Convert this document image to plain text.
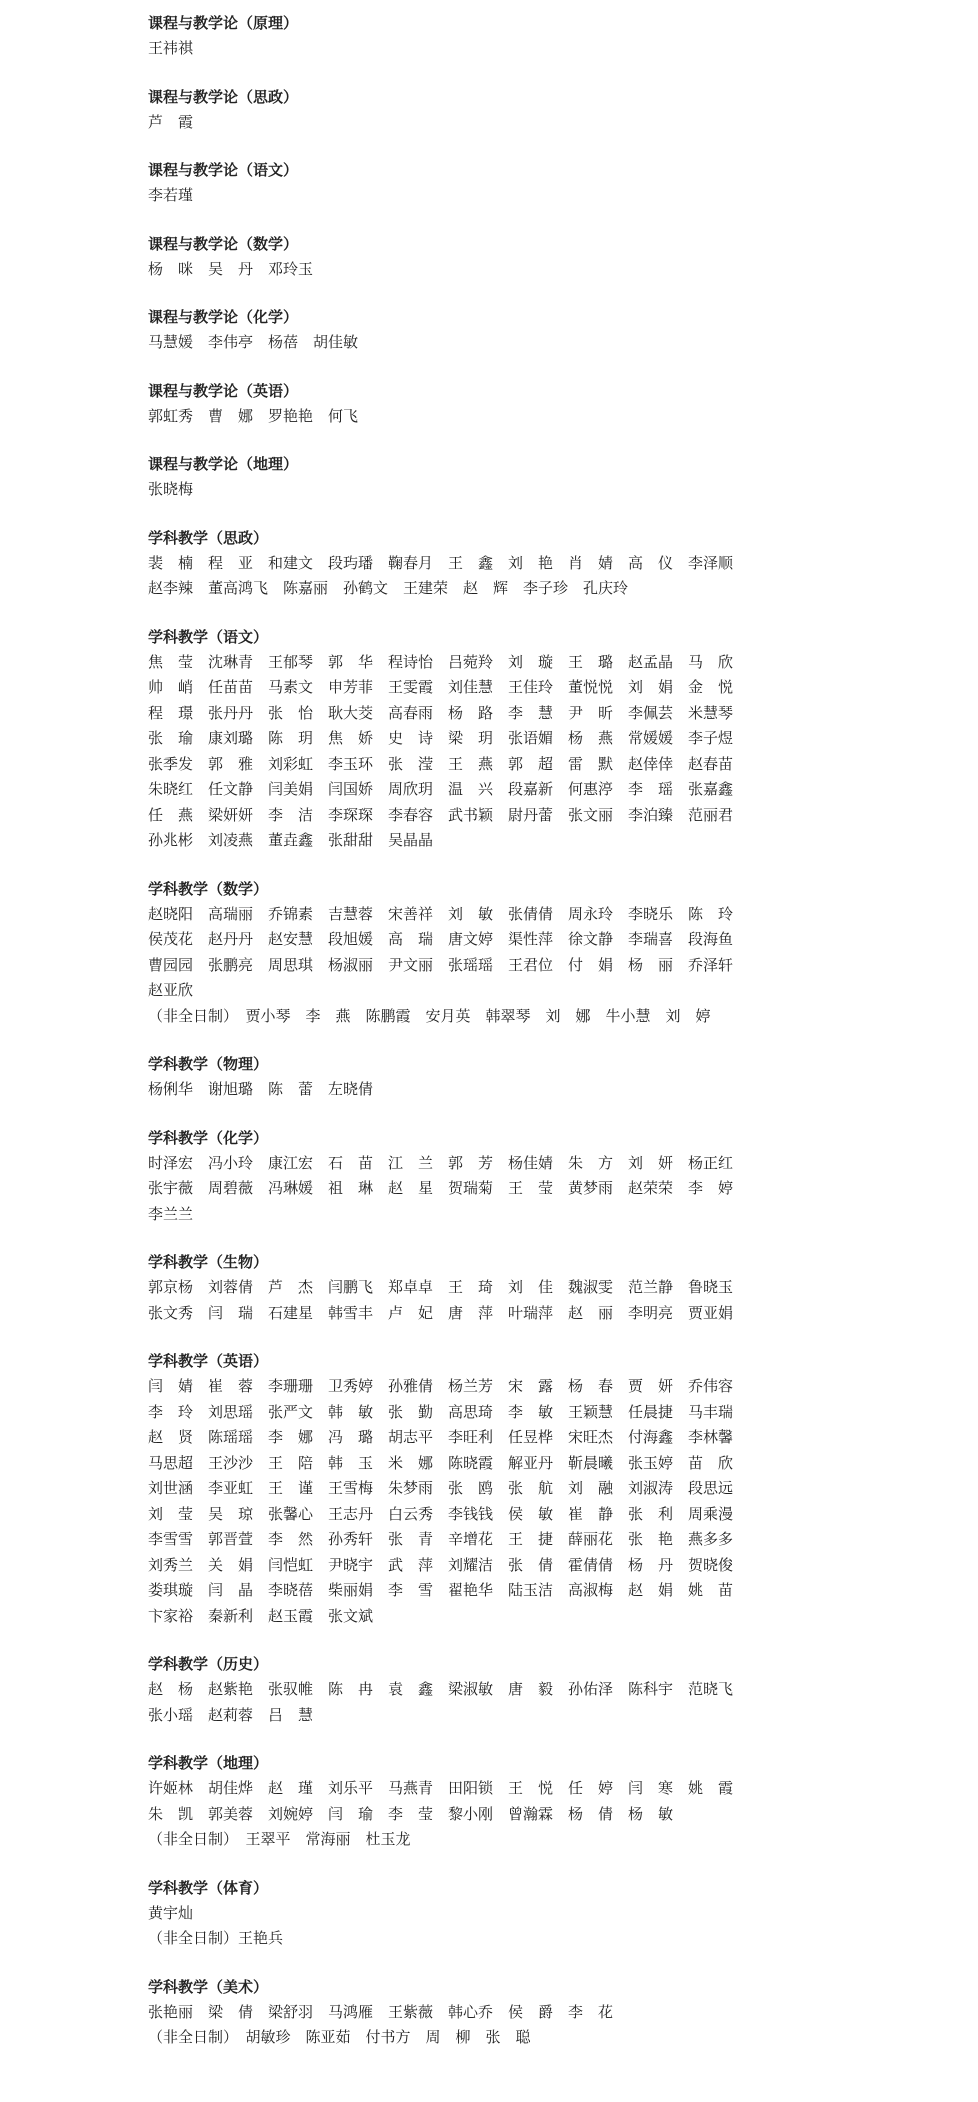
课程与教学论（原理）
王祎祺
课程与教学论（思政）
芦　霞
课程与教学论（语文）
李若瑾
课程与教学论（数学）
杨　咪　吴　丹　邓玲玉
课程与教学论（化学）
马慧媛　李伟亭　杨蓓　胡佳敏
课程与教学论（英语）
郭虹秀　曹　娜　罗艳艳　何飞
课程与教学论（地理）
张晓梅
学科教学（思政）
裴　楠　程　亚　和建文　段玙璠　鞠春月　王　鑫　刘　艳　肖　婧　高　仪　李泽顺
赵李辣　董高鸿飞　陈嘉丽　孙鹤文　王建荣　赵　辉　李子珍　孔庆玲
学科教学（语文）
焦　莹　沈琳青　王郁琴　郭　华　程诗怡　吕菀羚　刘　璇　王　璐　赵孟晶　马　欣
帅　峭　任苗苗　马素文　申芳菲　王雯霞　刘佳慧　王佳玲　董悦悦　刘　娟　金　悦
程　璟　张丹丹　张　怡　耿大茭　高春雨　杨　路　李　慧　尹　昕　李佩芸　米慧琴
张　瑜　康刘璐　陈　玥　焦　娇　史　诗　梁　玥　张语媚　杨　燕　常媛媛　李子煜
张季发　郭　雅　刘彩虹　李玉环　张　滢　王　燕　郭　超　雷　默　赵倖倖　赵春苗
朱晓红　任文静　闫美娟　闫国娇　周欣玥　温　兴　段嘉新　何惠渟　李　瑶　张嘉鑫
任　燕　梁妍妍　李　洁　李琛琛　李春容　武书颖　尉丹蕾　张文丽　李泊臻　范丽君
孙兆彬　刘凌燕　董垚鑫　张甜甜　吴晶晶
学科教学（数学）
赵晓阳　高瑞丽　乔锦素　吉慧蓉　宋善祥　刘　敏　张倩倩　周永玲　李晓乐　陈　玲
侯茂花　赵丹丹　赵安慧　段旭媛　高　瑞　唐文婷　渠性萍　徐文静　李瑞喜　段海鱼
曹园园　张鹏亮　周思琪　杨淑丽　尹文丽　张瑶瑶　王君位　付　娟　杨　丽　乔泽轩
赵亚欣
（非全日制）　贾小琴　李　燕　陈鹏霞　安月英　韩翠琴　刘　娜　牛小慧　刘　婷
学科教学（物理）
杨俐华　谢旭璐　陈　蕾　左晓倩
学科教学（化学）
时泽宏　冯小玲　康江宏　石　苗　江　兰　郭　芳　杨佳婧　朱　方　刘　妍　杨正红
张宇薇　周碧薇　冯琳媛　祖　琳　赵　星　贺瑞菊　王　莹　黄梦雨　赵荣荣　李　婷
李兰兰
学科教学（生物）
郭京杨　刘蓉倩　芦　杰　闫鹏飞　郑卓卓　王　琦　刘　佳　魏淑雯　范兰静　鲁晓玉
张文秀　闫　瑞　石建星　韩雪丰　卢　妃　唐　萍　叶瑞萍　赵　丽　李明亮　贾亚娟
学科教学（英语）
闫　婧　崔　蓉　李珊珊　卫秀婷　孙雅倩　杨兰芳　宋　露　杨　春　贾　妍　乔伟容
李　玲　刘思瑶　张严文　韩　敏　张　勤　高思琦　李　敏　王颖慧　任晨捷　马丰瑞
赵　贤　陈瑶瑶　李　娜　冯　璐　胡志平　李旺利　任昱桦　宋旺杰　付海鑫　李林馨
马思超　王沙沙　王　陪　韩　玉　米　娜　陈晓霞　解亚丹　靳晨曦　张玉婷　苗　欣
刘世涵　李亚虹　王　谨　王雪梅　朱梦雨　张　鸥　张　航　刘　融　刘淑涛　段思远
刘　莹　吴　琼　张馨心　王志丹　白云秀　李钱钱　侯　敏　崔　静　张　利　周乘漫
李雪雪　郭晋萱　李　然　孙秀轩　张　青　辛增花　王　捷　薛丽花　张　艳　燕多多
刘秀兰　关　娟　闫恺虹　尹晓宇　武　萍　刘耀洁　张　倩　霍倩倩　杨　丹　贺晓俊
娄琪璇　闫　晶　李晓蓓　柴丽娟　李　雪　翟艳华　陆玉洁　高淑梅　赵　娟　姚　苗
卞家裕　秦新利　赵玉霞　张文斌
学科教学（历史）
赵　杨　赵紫艳　张驭帷　陈　冉　袁　鑫　梁淑敏　唐　毅　孙佑泽　陈科宇　范晓飞
张小瑶　赵莉蓉　吕　慧
学科教学（地理）
许姬林　胡佳烨　赵　瑾　刘乐平　马燕青　田阳锁　王　悦　任　婷　闫　寒　姚　霞
朱　凯　郭美蓉　刘婉婷　闫　瑜　李　莹　黎小刚　曾瀚霖　杨　倩　杨　敏
（非全日制）　王翠平　常海丽　杜玉龙
学科教学（体育）
黄宇灿
（非全日制）王艳兵
学科教学（美术）
张艳丽　梁　倩　梁舒羽　马鸿雁　王紫薇　韩心乔　侯　爵　李　花
（非全日制）　胡敏珍　陈亚茹　付书方　周　柳　张　聪
